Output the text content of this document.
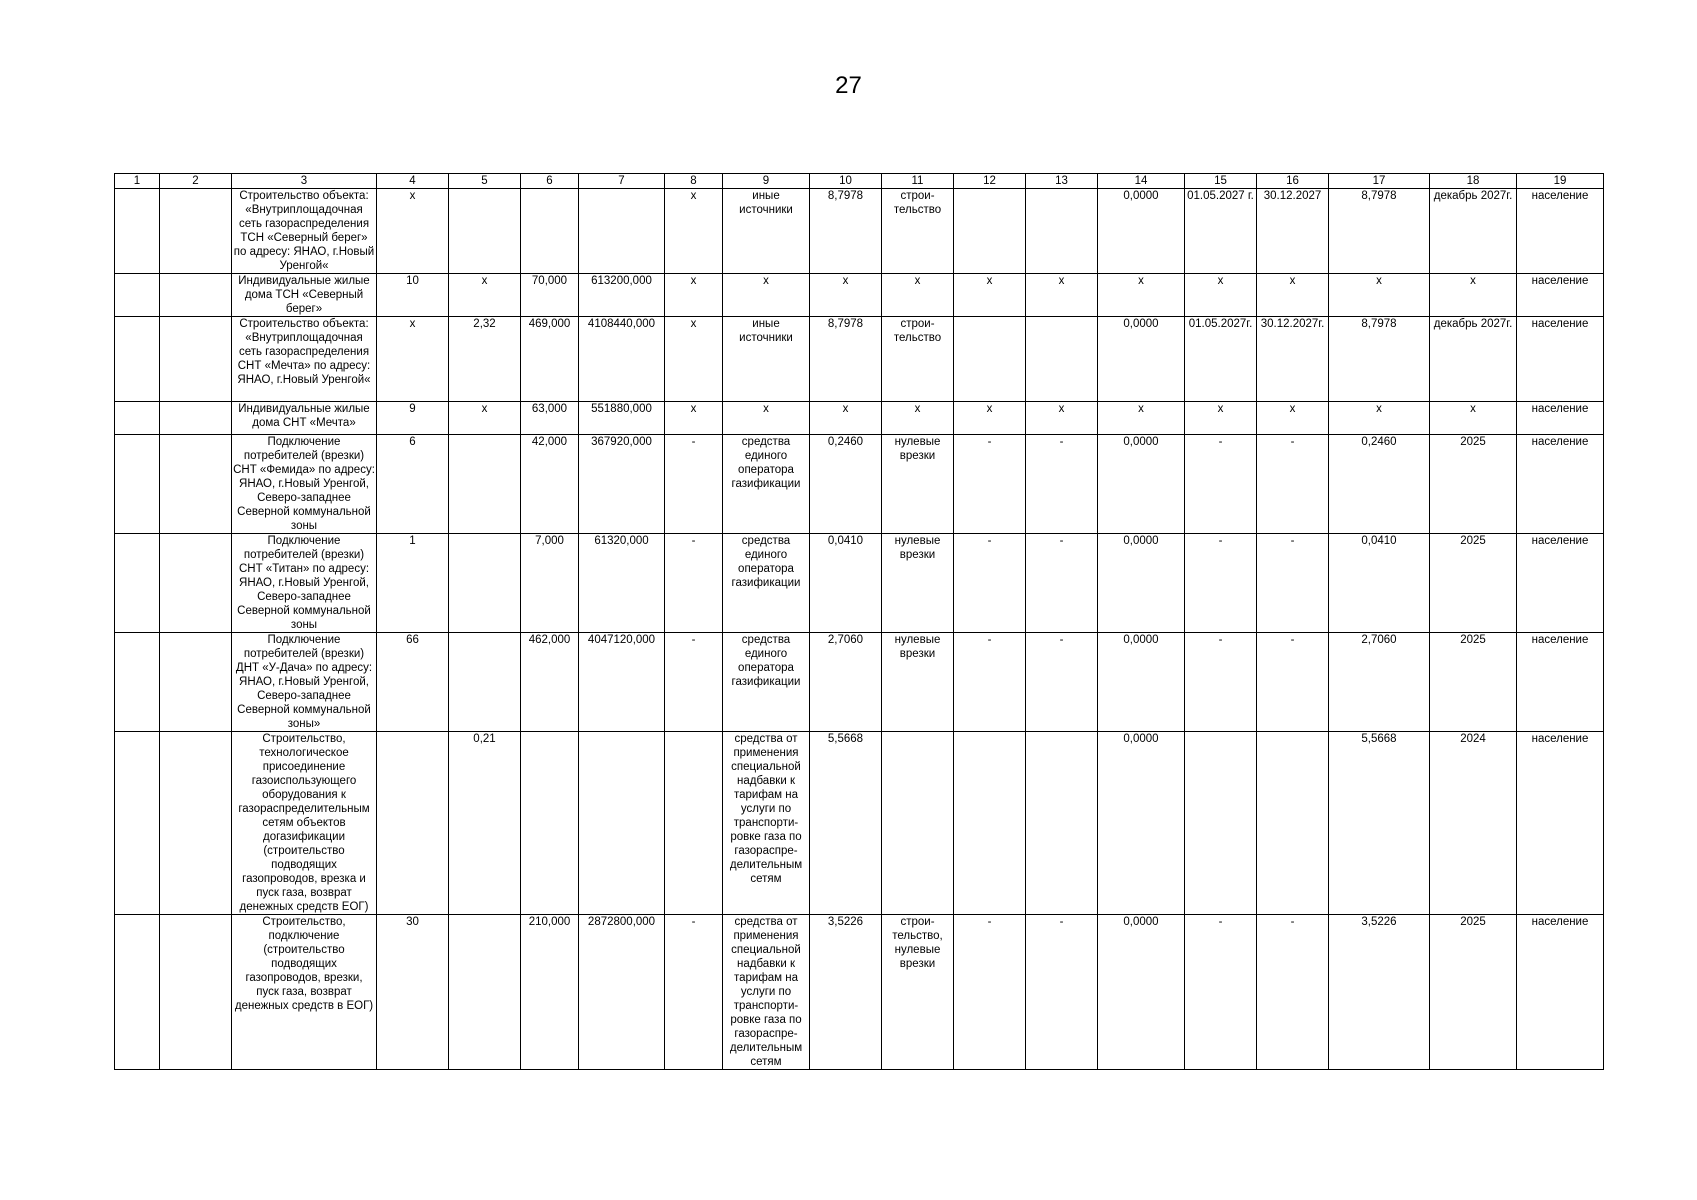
27
1	2	3	4	5	6	7	8	9	10	11	12	13	14	15	16	17	18	19
		Строительство объекта: «Внутриплощадочная сеть газораспределения ТСН «Северный берег» по адресу: ЯНАО, г.Новый Уренгой«	x				x	иные источники	8,7978	строи-тельство			0,0000	01.05.2027 г.	30.12.2027	8,7978	декабрь 2027г.	население
		Индивидуальные жилые дома ТСН «Северный берег»	10	x	70,000	613200,000	x	x	x	x	x	x	x	x	x	x	x	население
		Строительство объекта: «Внутриплощадочная сеть газораспределения СНТ «Мечта» по адресу: ЯНАО, г.Новый Уренгой«	x	2,32	469,000	4108440,000	x	иные источники	8,7978	строи-тельство			0,0000	01.05.2027г.	30.12.2027г.	8,7978	декабрь 2027г.	население
		Индивидуальные жилые дома СНТ «Мечта»	9	x	63,000	551880,000	x	x	x	x	x	x	x	x	x	x	x	население
		Подключение потребителей (врезки) СНТ «Фемида» по адресу: ЯНАО, г.Новый Уренгой, Северо-западнее Северной коммунальной зоны	6		42,000	367920,000	-	средства единого оператора газификации	0,2460	нулевые врезки	-	-	0,0000	-	-	0,2460	2025	население
		Подключение потребителей (врезки) СНТ «Титан» по адресу: ЯНАО, г.Новый Уренгой, Северо-западнее Северной коммунальной зоны	1		7,000	61320,000	-	средства единого оператора газификации	0,0410	нулевые врезки	-	-	0,0000	-	-	0,0410	2025	население
		Подключение потребителей (врезки) ДНТ «У-Дача» по адресу: ЯНАО, г.Новый Уренгой, Северо-западнее Северной коммунальной зоны»	66		462,000	4047120,000	-	средства единого оператора газификации	2,7060	нулевые врезки	-	-	0,0000	-	-	2,7060	2025	население
		Строительство, технологическое присоединение газоиспользующего оборудования к газораспределительным сетям объектов догазификации (строительство подводящих газопроводов, врезка и пуск газа, возврат денежных средств ЕОГ)		0,21				средства от применения специальной надбавки к тарифам на услуги по транспорти-ровке газа по газораспре-делительным сетям	5,5668				0,0000			5,5668	2024	население
		Строительство, подключение (строительство подводящих газопроводов, врезки, пуск газа, возврат денежных средств в ЕОГ)	30		210,000	2872800,000	-	средства от применения специальной надбавки к тарифам на услуги по транспорти-ровке газа по газораспре-делительным сетям	3,5226	строи-тельство, нулевые врезки	-	-	0,0000	-	-	3,5226	2025	население
